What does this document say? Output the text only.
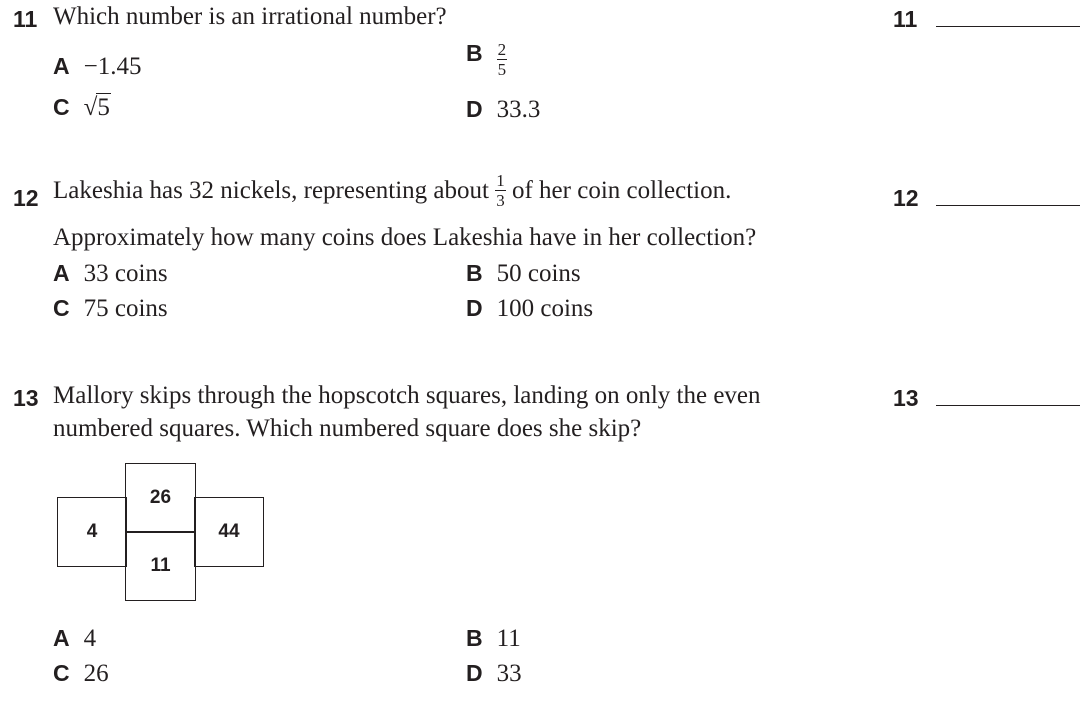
11 Which number is an irrational number?	11
A −1.45	B $\frac{2}{5}$
C √5	D 33.3
12 Lakeshia has 32 nickels, representing about $\frac{1}{3}$ of her coin collection.
Approximately how many coins does Lakeshia have in her collection?
12
A 33 coins	B 50 coins
C 75 coins	D 100 coins
13 Mallory skips through the hopscotch squares, landing on only the even
numbered squares. Which numbered square does she skip?
13
4
26
11
44
A 4	B 11
C 26	D 33
